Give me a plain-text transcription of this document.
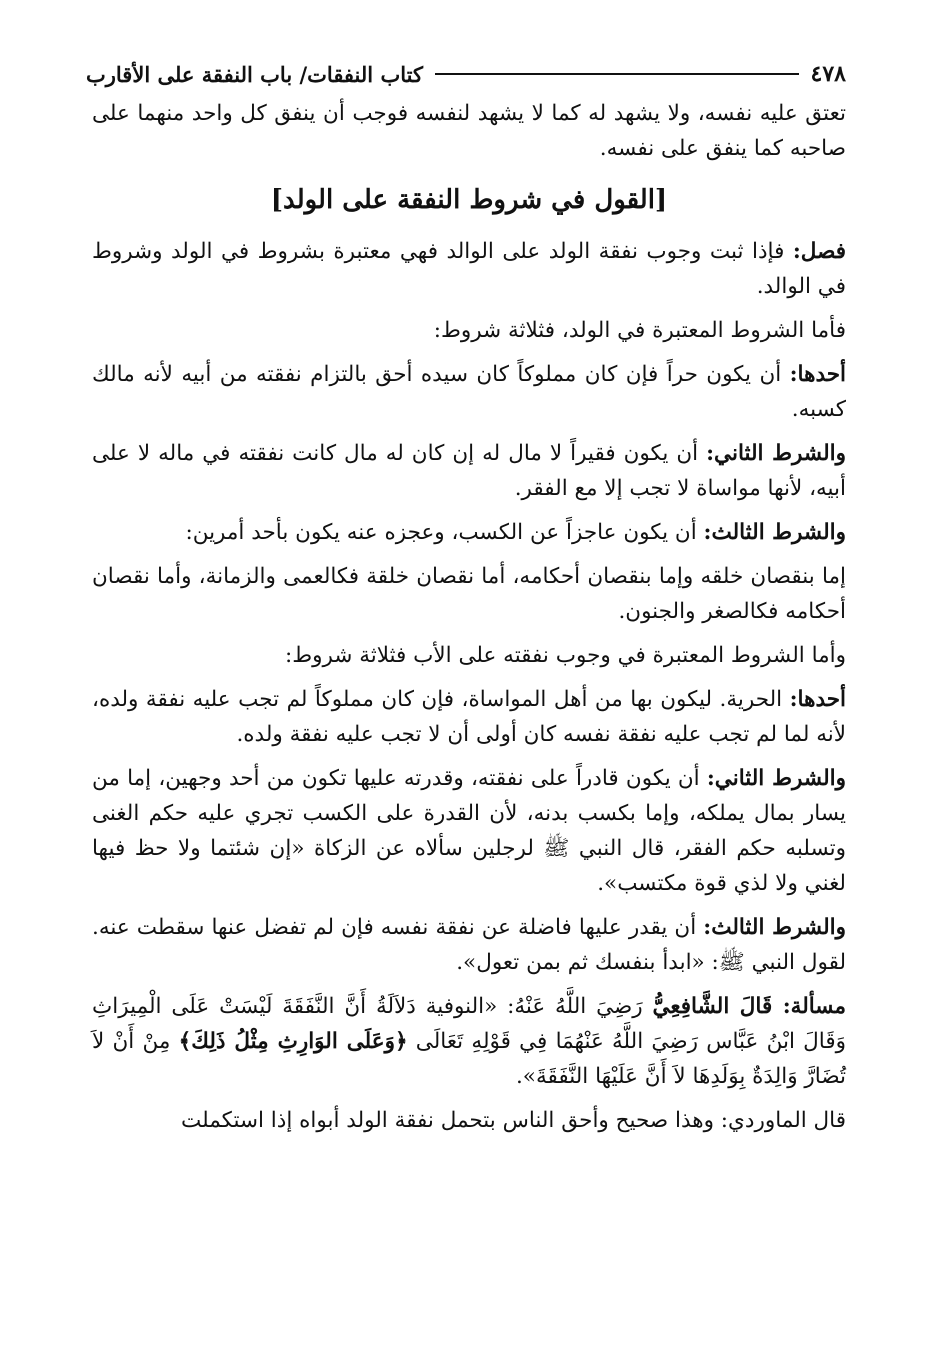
٤٧٨
كتاب النفقات/ باب النفقة على الأقارب

تعتق عليه نفسه، ولا يشهد له كما لا يشهد لنفسه فوجب أن ينفق كل واحد منهما على صاحبه كما ينفق على نفسه.

[القول في شروط النفقة على الولد]

فصل: فإذا ثبت وجوب نفقة الولد على الوالد فهي معتبرة بشروط في الولد وشروط في الوالد.

فأما الشروط المعتبرة في الولد، فثلاثة شروط:

أحدها: أن يكون حراً فإن كان مملوكاً كان سيده أحق بالتزام نفقته من أبيه لأنه مالك كسبه.

والشرط الثاني: أن يكون فقيراً لا مال له إن كان له مال كانت نفقته في ماله لا على أبيه، لأنها مواساة لا تجب إلا مع الفقر.

والشرط الثالث: أن يكون عاجزاً عن الكسب، وعجزه عنه يكون بأحد أمرين:

إما بنقصان خلقه وإما بنقصان أحكامه، أما نقصان خلقة فكالعمى والزمانة، وأما نقصان أحكامه فكالصغر والجنون.

وأما الشروط المعتبرة في وجوب نفقته على الأب فثلاثة شروط:

أحدها: الحرية. ليكون بها من أهل المواساة، فإن كان مملوكاً لم تجب عليه نفقة ولده، لأنه لما لم تجب عليه نفقة نفسه كان أولى أن لا تجب عليه نفقة ولده.

والشرط الثاني: أن يكون قادراً على نفقته، وقدرته عليها تكون من أحد وجهين، إما من يسار بمال يملكه، وإما بكسب بدنه، لأن القدرة على الكسب تجري عليه حكم الغنى وتسلبه حكم الفقر، قال النبي ﷺ لرجلين سألاه عن الزكاة «إن شئتما ولا حظ فيها لغني ولا لذي قوة مكتسب».

والشرط الثالث: أن يقدر عليها فاضلة عن نفقة نفسه فإن لم تفضل عنها سقطت عنه. لقول النبي ﷺ: «ابدأ بنفسك ثم بمن تعول».

مسألة: قَالَ الشَّافِعِيُّ رَضِيَ اللَّهُ عَنْهُ: «النوفية دَلاَلَةُ أَنَّ النَّفَقَةَ لَيْسَتْ عَلَى الْمِيرَاثِ وَقَالَ ابْنُ عَبَّاس رَضِيَ اللَّهُ عَنْهُمَا فِي قَوْلِهِ تَعَالَى ﴿وَعَلَى الوَارِثِ مِثْلُ ذَلِكَ﴾ مِنْ أَنْ لاَ تُضَارَّ وَالِدَةٌ بِوَلَدِهَا لاَ أَنَّ عَلَيْهَا النَّفَقَةَ».

قال الماوردي: وهذا صحيح وأحق الناس بتحمل نفقة الولد أبواه إذا استكملت
